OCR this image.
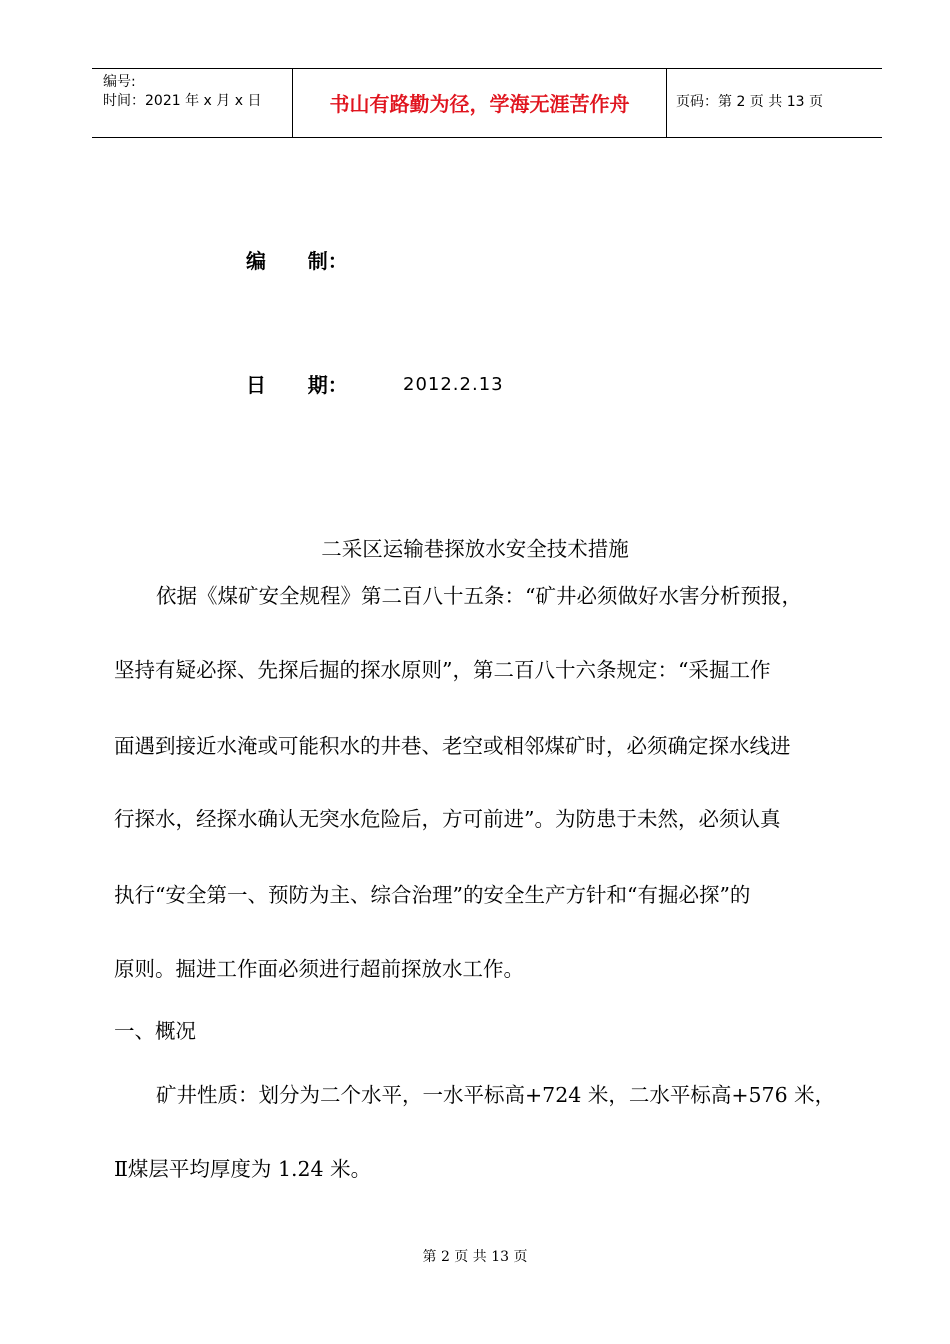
编号:
时间：2021 年 x 月 x 日	书山有路勤为径，学海无涯苦作舟	页码：第 2 页 共 13 页
编      制：
日      期：	2012.2.13
二采区运输巷探放水安全技术措施
依据《煤矿安全规程》第二百八十五条：“矿井必须做好水害分析预报，
坚持有疑必探、先探后掘的探水原则”，第二百八十六条规定：“采掘工作
面遇到接近水淹或可能积水的井巷、老空或相邻煤矿时，必须确定探水线进
行探水，经探水确认无突水危险后，方可前进”。为防患于未然，必须认真
执行“安全第一、预防为主、综合治理”的安全生产方针和“有掘必探”的
原则。掘进工作面必须进行超前探放水工作。
一、概况
矿井性质：划分为二个水平，一水平标高+724 米，二水平标高+576 米，
Ⅱ煤层平均厚度为 1.24 米。
第 2 页 共 13 页
